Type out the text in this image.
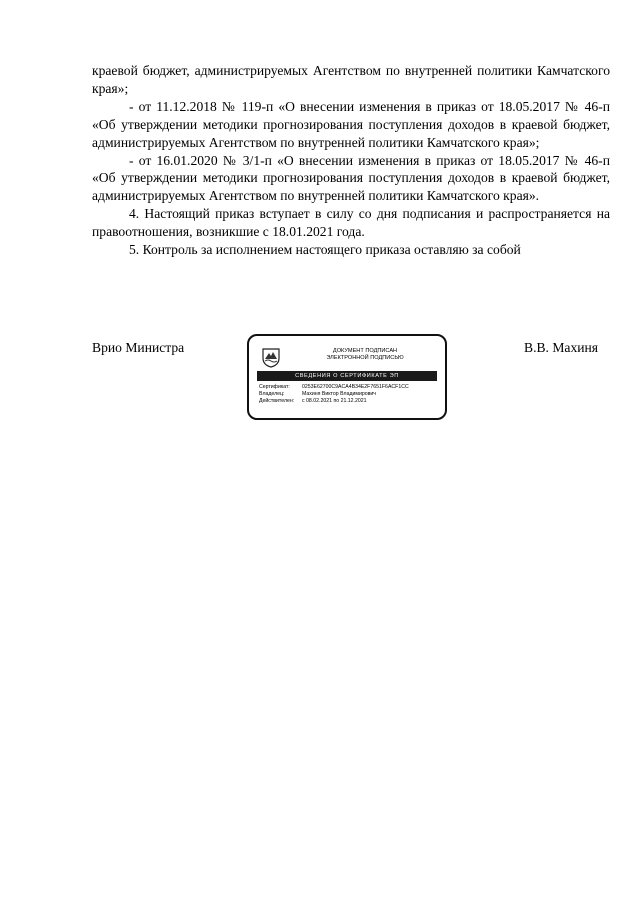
краевой бюджет, администрируемых Агентством по внутренней политики Камчатского края»;

- от 11.12.2018 № 119-п «О внесении изменения в приказ от 18.05.2017 № 46-п «Об утверждении методики прогнозирования поступления доходов в краевой бюджет, администрируемых Агентством по внутренней политики Камчатского края»;

- от 16.01.2020 № 3/1-п «О внесении изменения в приказ от 18.05.2017 № 46-п «Об утверждении методики прогнозирования поступления доходов в краевой бюджет, администрируемых Агентством по внутренней политики Камчатского края».

4. Настоящий приказ вступает в силу со дня подписания и распространяется на правоотношения, возникшие с 18.01.2021 года.

5. Контроль за исполнением настоящего приказа оставляю за собой

Врио Министра	ДОКУМЕНТ ПОДПИСАН
ЭЛЕКТРОННОЙ ПОДПИСЬЮ
СВЕДЕНИЯ О СЕРТИФИКАТЕ ЭП
Сертификат: 0253E62700C9ACA4B34E2F7651F6ACF1CC
Владелец:	Махиня Виктор Владимирович
Действителен: с 08.02.2021 по 21.12.2021
В.В. Махиня
